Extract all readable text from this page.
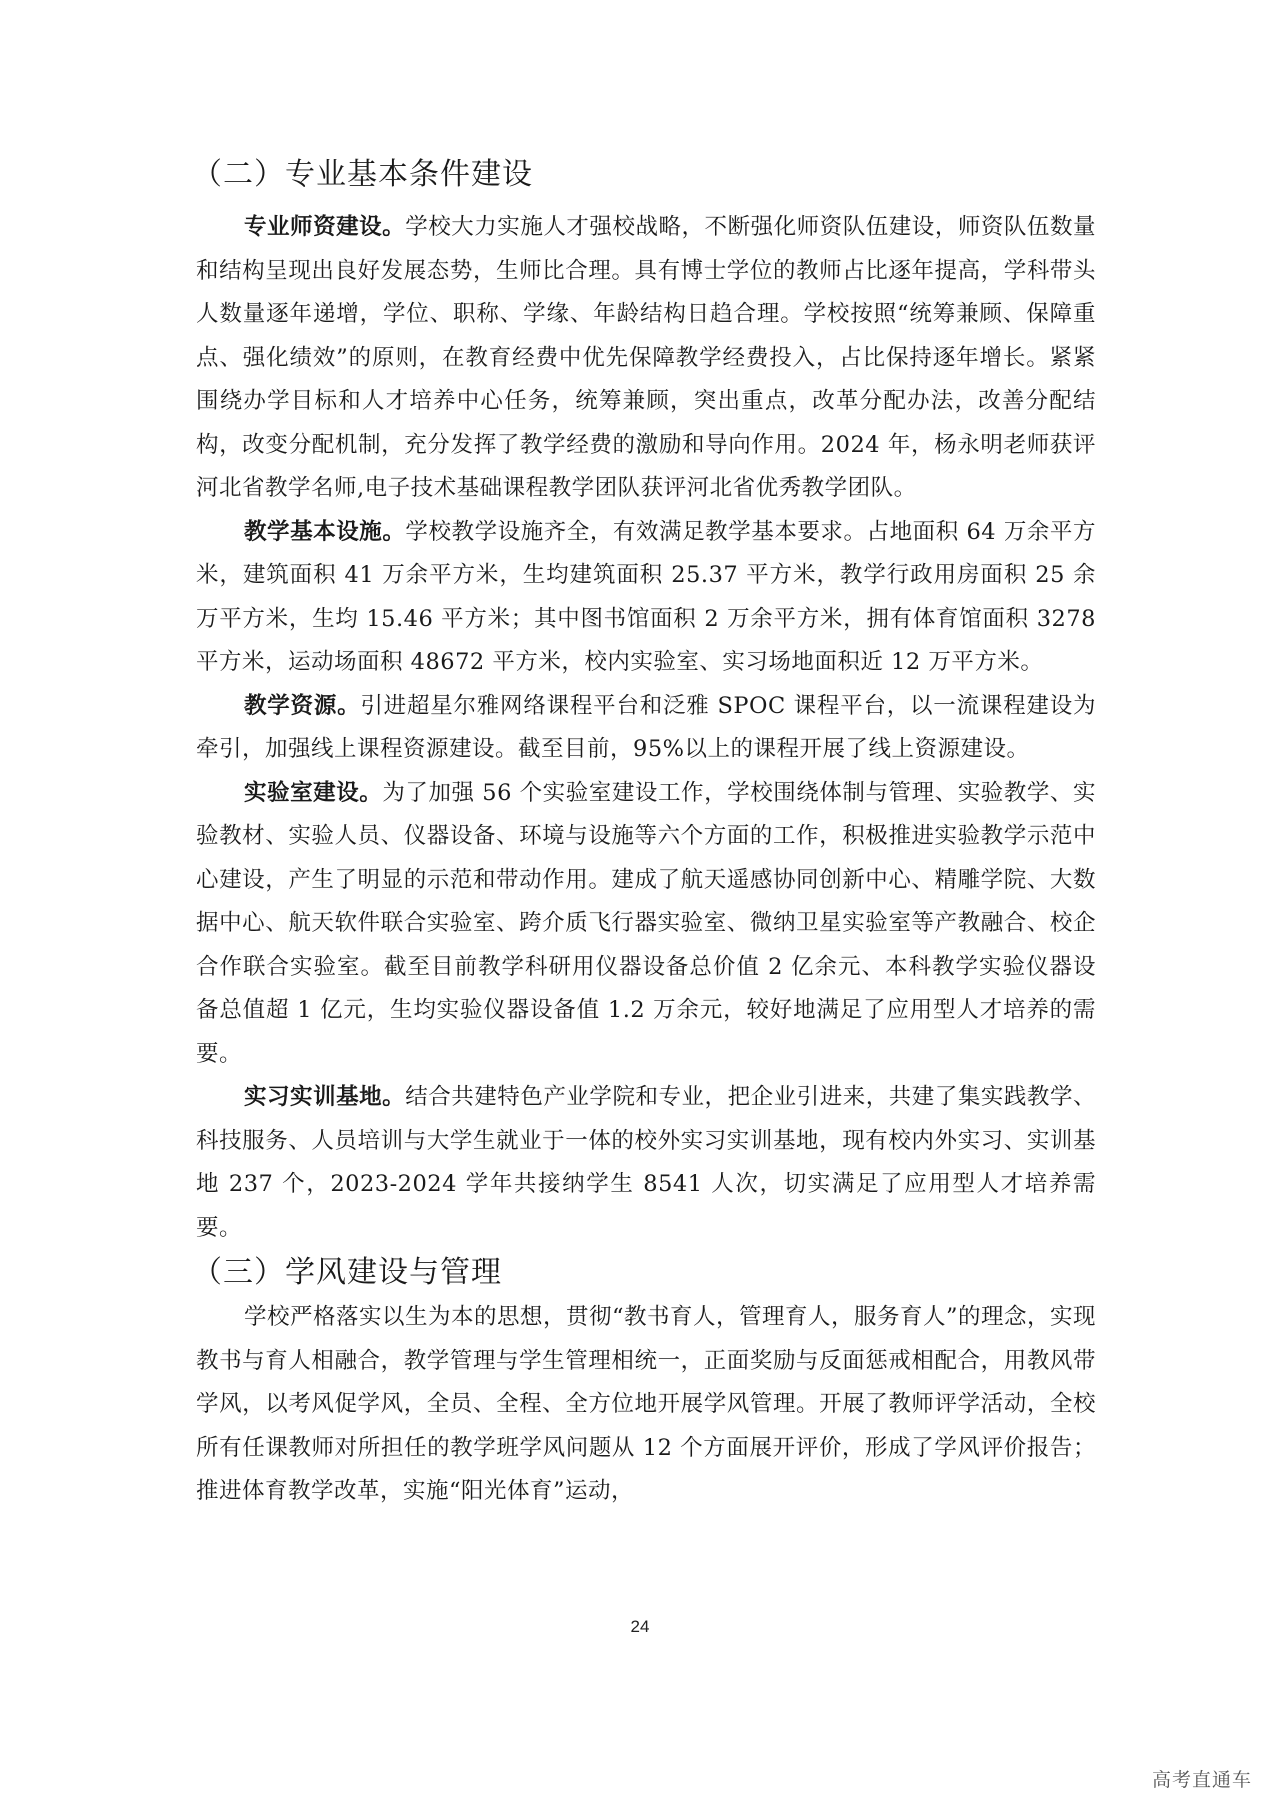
（二）专业基本条件建设

专业师资建设。学校大力实施人才强校战略，不断强化师资队伍建设，师资队伍数量和结构呈现出良好发展态势，生师比合理。具有博士学位的教师占比逐年提高，学科带头人数量逐年递增，学位、职称、学缘、年龄结构日趋合理。学校按照“统筹兼顾、保障重点、强化绩效”的原则，在教育经费中优先保障教学经费投入，占比保持逐年增长。紧紧围绕办学目标和人才培养中心任务，统筹兼顾，突出重点，改革分配办法，改善分配结构，改变分配机制，充分发挥了教学经费的激励和导向作用。2024 年，杨永明老师获评河北省教学名师,电子技术基础课程教学团队获评河北省优秀教学团队。

教学基本设施。学校教学设施齐全，有效满足教学基本要求。占地面积 64 万余平方米，建筑面积 41 万余平方米，生均建筑面积 25.37 平方米，教学行政用房面积 25 余万平方米，生均 15.46 平方米；其中图书馆面积 2 万余平方米，拥有体育馆面积 3278 平方米，运动场面积 48672 平方米，校内实验室、实习场地面积近 12 万平方米。

教学资源。引进超星尔雅网络课程平台和泛雅 SPOC 课程平台，以一流课程建设为牵引，加强线上课程资源建设。截至目前，95%以上的课程开展了线上资源建设。

实验室建设。为了加强 56 个实验室建设工作，学校围绕体制与管理、实验教学、实验教材、实验人员、仪器设备、环境与设施等六个方面的工作，积极推进实验教学示范中心建设，产生了明显的示范和带动作用。建成了航天遥感协同创新中心、精雕学院、大数据中心、航天软件联合实验室、跨介质飞行器实验室、微纳卫星实验室等产教融合、校企合作联合实验室。截至目前教学科研用仪器设备总价值 2 亿余元、本科教学实验仪器设备总值超 1 亿元，生均实验仪器设备值 1.2 万余元，较好地满足了应用型人才培养的需要。

实习实训基地。结合共建特色产业学院和专业，把企业引进来，共建了集实践教学、科技服务、人员培训与大学生就业于一体的校外实习实训基地，现有校内外实习、实训基地 237 个，2023-2024 学年共接纳学生 8541 人次，切实满足了应用型人才培养需要。

（三）学风建设与管理

学校严格落实以生为本的思想，贯彻“教书育人，管理育人，服务育人”的理念，实现教书与育人相融合，教学管理与学生管理相统一，正面奖励与反面惩戒相配合，用教风带学风，以考风促学风，全员、全程、全方位地开展学风管理。开展了教师评学活动，全校所有任课教师对所担任的教学班学风问题从 12 个方面展开评价，形成了学风评价报告；推进体育教学改革，实施“阳光体育”运动，

24
高考直通车
